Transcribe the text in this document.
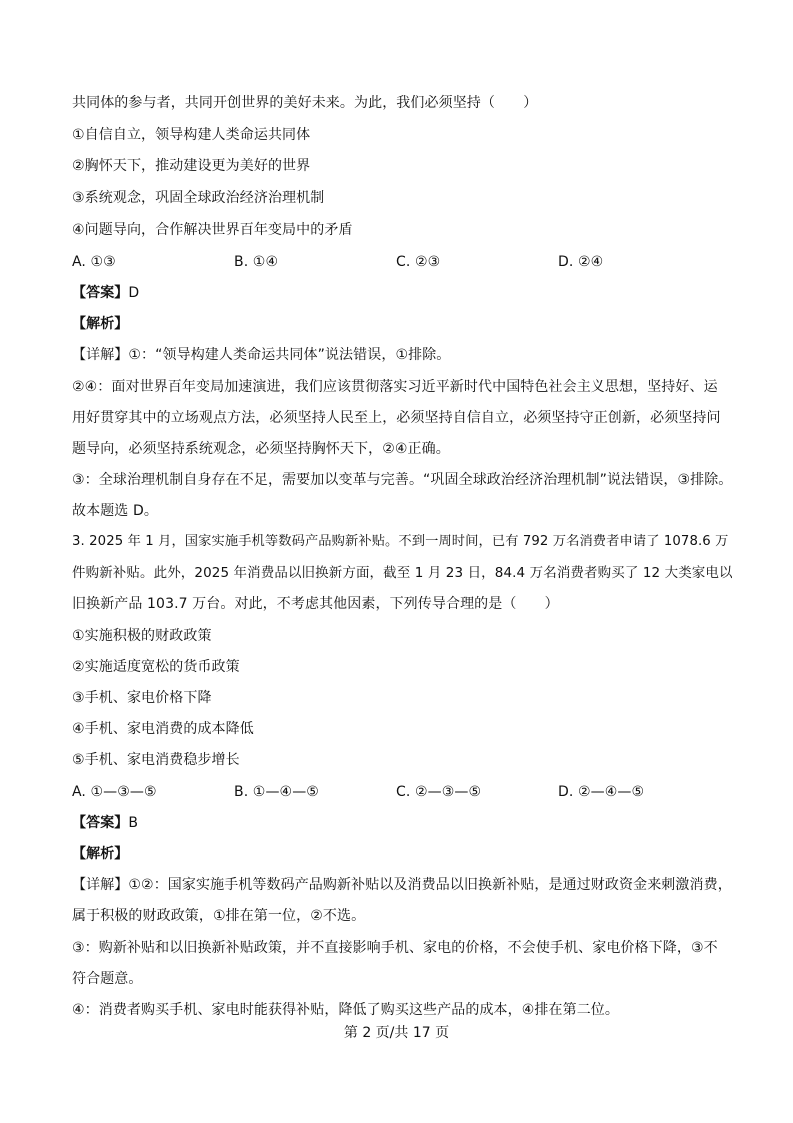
共同体的参与者，共同开创世界的美好未来。为此，我们必须坚持（　　）
①自信自立，领导构建人类命运共同体
②胸怀天下，推动建设更为美好的世界
③系统观念，巩固全球政治经济治理机制
④问题导向，合作解决世界百年变局中的矛盾
A. ①③	B. ①④	C. ②③	D. ②④
【答案】D
【解析】
【详解】①：“领导构建人类命运共同体”说法错误，①排除。
②④：面对世界百年变局加速演进，我们应该贯彻落实习近平新时代中国特色社会主义思想，坚持好、运
用好贯穿其中的立场观点方法，必须坚持人民至上，必须坚持自信自立，必须坚持守正创新，必须坚持问
题导向，必须坚持系统观念，必须坚持胸怀天下，②④正确。
③：全球治理机制自身存在不足，需要加以变革与完善。“巩固全球政治经济治理机制”说法错误，③排除。
故本题选 D。
3. 2025 年 1 月，国家实施手机等数码产品购新补贴。不到一周时间，已有 792 万名消费者申请了 1078.6 万
件购新补贴。此外，2025 年消费品以旧换新方面，截至 1 月 23 日，84.4 万名消费者购买了 12 大类家电以
旧换新产品 103.7 万台。对此，不考虑其他因素，下列传导合理的是（　　）
①实施积极的财政政策
②实施适度宽松的货币政策
③手机、家电价格下降
④手机、家电消费的成本降低
⑤手机、家电消费稳步增长
A. ①—③—⑤	B. ①—④—⑤	C. ②—③—⑤	D. ②—④—⑤
【答案】B
【解析】
【详解】①②：国家实施手机等数码产品购新补贴以及消费品以旧换新补贴，是通过财政资金来刺激消费，
属于积极的财政政策，①排在第一位，②不选。
③：购新补贴和以旧换新补贴政策，并不直接影响手机、家电的价格，不会使手机、家电价格下降，③不
符合题意。
④：消费者购买手机、家电时能获得补贴，降低了购买这些产品的成本，④排在第二位。
第 2 页/共 17 页
